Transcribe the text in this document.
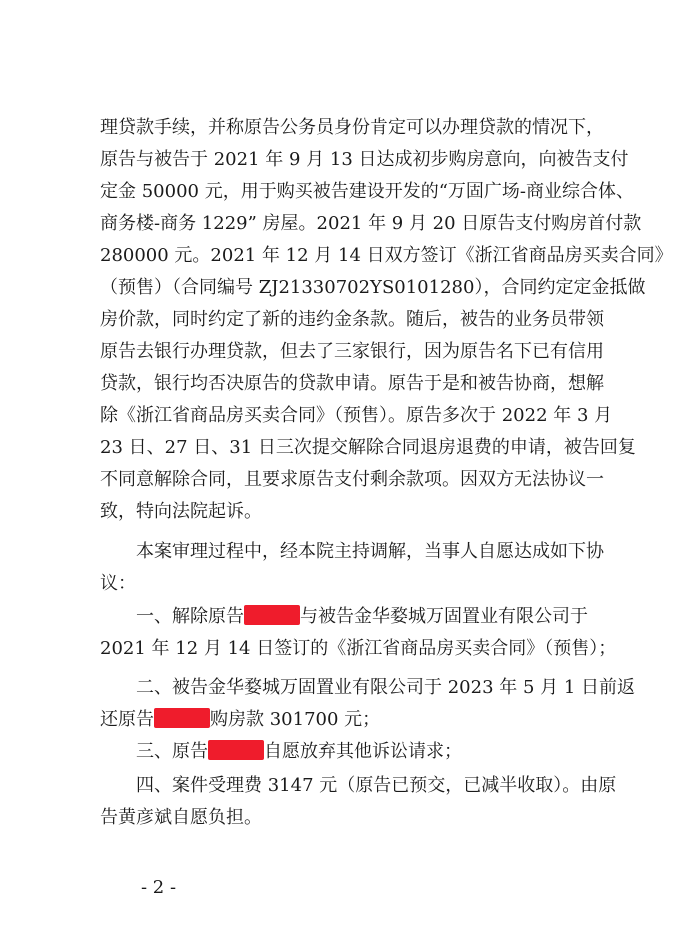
理贷款手续，并称原告公务员身份肯定可以办理贷款的情况下，
原告与被告于 2021 年 9 月 13 日达成初步购房意向，向被告支付
定金 50000 元，用于购买被告建设开发的“万固广场-商业综合体、
商务楼-商务 1229” 房屋。2021 年 9 月 20 日原告支付购房首付款
280000 元。2021 年 12 月 14 日双方签订《浙江省商品房买卖合同》
（预售）（合同编号 ZJ21330702YS0101280），合同约定定金抵做
房价款，同时约定了新的违约金条款。随后，被告的业务员带领
原告去银行办理贷款，但去了三家银行，因为原告名下已有信用
贷款，银行均否决原告的贷款申请。原告于是和被告协商，想解
除《浙江省商品房买卖合同》（预售）。原告多次于 2022 年 3 月
23 日、27 日、31 日三次提交解除合同退房退费的申请，被告回复
不同意解除合同，且要求原告支付剩余款项。因双方无法协议一
致，特向法院起诉。
本案审理过程中，经本院主持调解，当事人自愿达成如下协
议：
一、解除原告	与被告金华婺城万固置业有限公司于
2021 年 12 月 14 日签订的《浙江省商品房买卖合同》（预售）；
二、被告金华婺城万固置业有限公司于 2023 年 5 月 1 日前返
还原告	购房款 301700 元；
三、原告	自愿放弃其他诉讼请求；
四、案件受理费 3147 元（原告已预交，已减半收取）。由原
告黄彦斌自愿负担。
- 2 -
